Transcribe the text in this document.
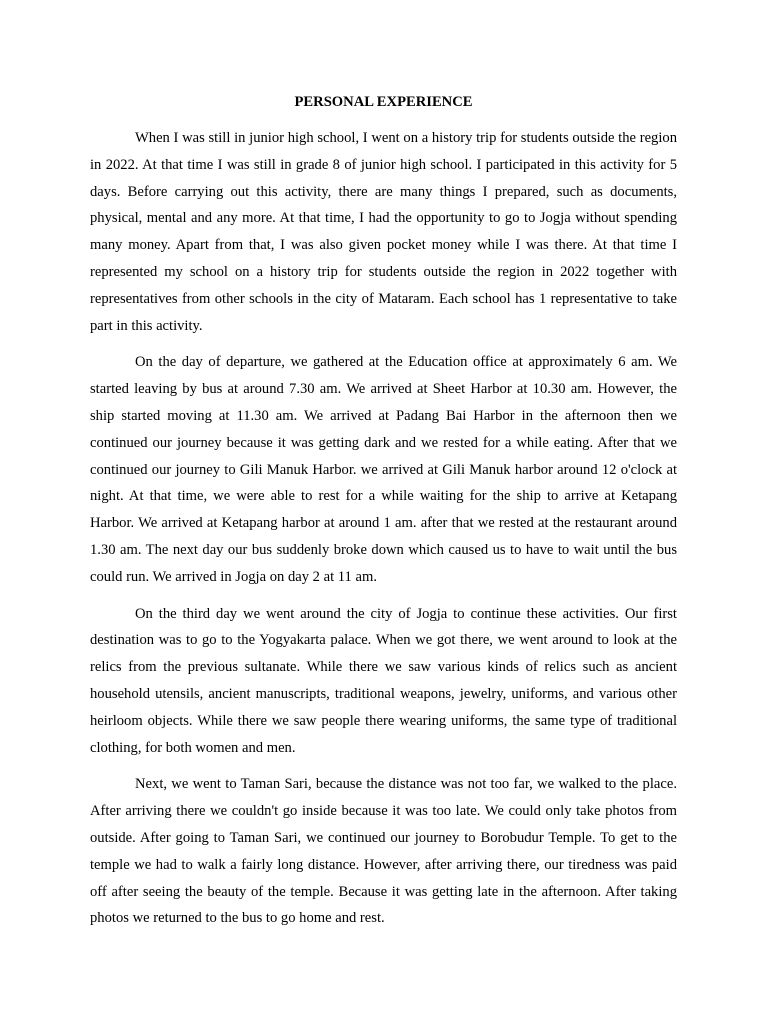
PERSONAL EXPERIENCE

When I was still in junior high school, I went on a history trip for students outside the region in 2022. At that time I was still in grade 8 of junior high school. I participated in this activity for 5 days. Before carrying out this activity, there are many things I prepared, such as documents, physical, mental and any more. At that time, I had the opportunity to go to Jogja without spending many money. Apart from that, I was also given pocket money while I was there. At that time I represented my school on a history trip for students outside the region in 2022 together with representatives from other schools in the city of Mataram. Each school has 1 representative to take part in this activity.

On the day of departure, we gathered at the Education office at approximately 6 am. We started leaving by bus at around 7.30 am. We arrived at Sheet Harbor at 10.30 am. However, the ship started moving at 11.30 am. We arrived at Padang Bai Harbor in the afternoon then we continued our journey because it was getting dark and we rested for a while eating. After that we continued our journey to Gili Manuk Harbor. we arrived at Gili Manuk harbor around 12 o'clock at night. At that time, we were able to rest for a while waiting for the ship to arrive at Ketapang Harbor. We arrived at Ketapang harbor at around 1 am. after that we rested at the restaurant around 1.30 am. The next day our bus suddenly broke down which caused us to have to wait until the bus could run. We arrived in Jogja on day 2 at 11 am.

On the third day we went around the city of Jogja to continue these activities. Our first destination was to go to the Yogyakarta palace. When we got there, we went around to look at the relics from the previous sultanate. While there we saw various kinds of relics such as ancient household utensils, ancient manuscripts, traditional weapons, jewelry, uniforms, and various other heirloom objects. While there we saw people there wearing uniforms, the same type of traditional clothing, for both women and men.

Next, we went to Taman Sari, because the distance was not too far, we walked to the place. After arriving there we couldn't go inside because it was too late. We could only take photos from outside. After going to Taman Sari, we continued our journey to Borobudur Temple. To get to the temple we had to walk a fairly long distance. However, after arriving there, our tiredness was paid off after seeing the beauty of the temple. Because it was getting late in the afternoon. After taking photos we returned to the bus to go home and rest.
